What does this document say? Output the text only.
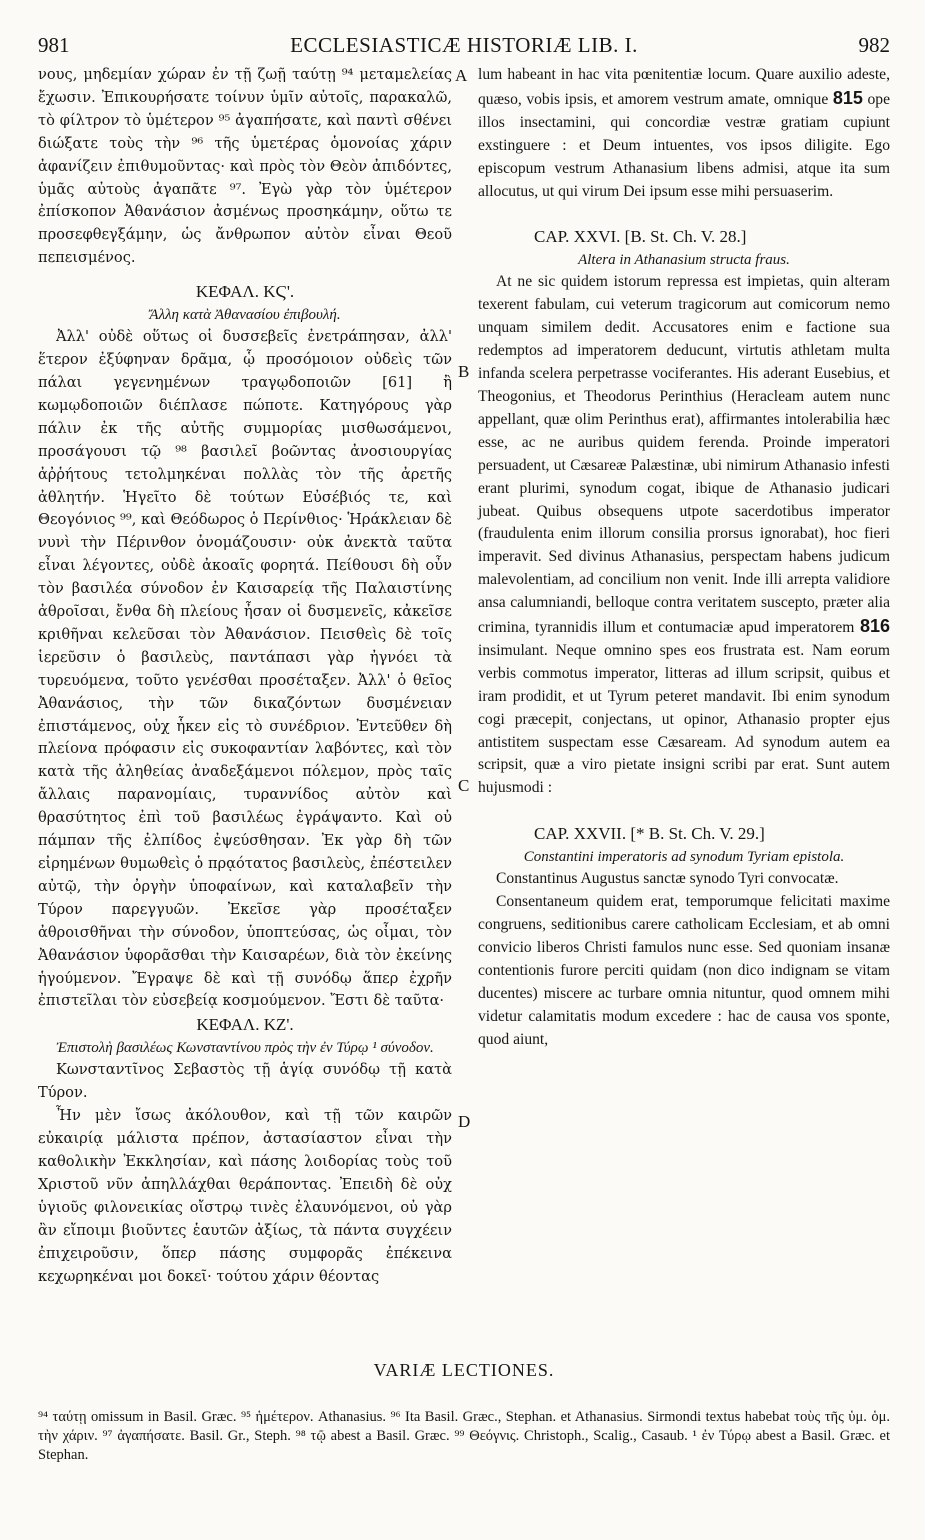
981	ECCLESIASTICÆ HISTORIÆ LIB. I.	982

νους, μηδεμίαν χώραν ἐν τῇ ζωῇ ταύτῃ ⁹⁴ μεταμελείας ἔχωσιν. Ἐπικουρήσατε τοίνυν ὑμῖν αὐτοῖς, παρακαλῶ, τὸ φίλτρον τὸ ὑμέτερον ⁹⁵ ἀγαπήσατε, καὶ παντὶ σθένει διώξατε τοὺς τὴν ⁹⁶ τῆς ὑμετέρας ὁμονοίας χάριν ἀφανίζειν ἐπιθυμοῦντας· καὶ πρὸς τὸν Θεὸν ἀπιδόντες, ὑμᾶς αὐτοὺς ἀγαπᾶτε ⁹⁷. Ἐγὼ γὰρ τὸν ὑμέτερον ἐπίσκοπον Ἀθανάσιον ἀσμένως προσηκάμην, οὕτω τε προσεφθεγξάμην, ὡς ἄνθρωπον αὐτὸν εἶναι Θεοῦ πεπεισμένος.

ΚΕΦΑΛ. ΚϚ'.
Ἄλλη κατὰ Ἀθανασίου ἐπιβουλή.

Ἀλλ' οὐδὲ οὕτως οἱ δυσσεβεῖς ἐνετράπησαν, ἀλλ' ἕτερον ἐξύφηναν δρᾶμα, ᾧ προσόμοιον οὐδεὶς τῶν πάλαι γεγενημένων τραγῳδοποιῶν [61] ἢ κωμῳδοποιῶν διέπλασε πώποτε. Κατηγόρους γὰρ πάλιν ἐκ τῆς αὐτῆς συμμορίας μισθωσάμενοι, προσάγουσι τῷ ⁹⁸ βασιλεῖ βοῶντας ἀνοσιουργίας ἀῤῥήτους τετολμηκέναι πολλὰς τὸν τῆς ἀρετῆς ἀθλητήν. Ἡγεῖτο δὲ τούτων Εὐσέβιός τε, καὶ Θεογόνιος ⁹⁹, καὶ Θεόδωρος ὁ Περίνθιος· Ἡράκλειαν δὲ νυνὶ τὴν Πέρινθον ὀνομάζουσιν· οὐκ ἀνεκτὰ ταῦτα εἶναι λέγοντες, οὐδὲ ἀκοαῖς φορητά. Πείθουσι δὴ οὖν τὸν βασιλέα σύνοδον ἐν Καισαρείᾳ τῆς Παλαιστίνης ἀθροῖσαι, ἔνθα δὴ πλείους ἦσαν οἱ δυσμενεῖς, κἀκεῖσε κριθῆναι κελεῦσαι τὸν Ἀθανάσιον. Πεισθεὶς δὲ τοῖς ἱερεῦσιν ὁ βασιλεὺς, παντάπασι γὰρ ἠγνόει τὰ τυρευόμενα, τοῦτο γενέσθαι προσέταξεν. Ἀλλ' ὁ θεῖος Ἀθανάσιος, τὴν τῶν δικαζόντων δυσμένειαν ἐπιστάμενος, οὐχ ἧκεν εἰς τὸ συνέδριον. Ἐντεῦθεν δὴ πλείονα πρόφασιν εἰς συκοφαντίαν λαβόντες, καὶ τὸν κατὰ τῆς ἀληθείας ἀναδεξάμενοι πόλεμον, πρὸς ταῖς ἄλλαις παρανομίαις, τυραννίδος αὐτὸν καὶ θρασύτητος ἐπὶ τοῦ βασιλέως ἐγράψαντο. Καὶ οὐ πάμπαν τῆς ἐλπίδος ἐψεύσθησαν. Ἐκ γὰρ δὴ τῶν εἰρημένων θυμωθεὶς ὁ πρᾳότατος βασιλεὺς, ἐπέστειλεν αὐτῷ, τὴν ὀργὴν ὑποφαίνων, καὶ καταλαβεῖν τὴν Τύρον παρεγγυῶν. Ἐκεῖσε γὰρ προσέταξεν ἀθροισθῆναι τὴν σύνοδον, ὑποπτεύσας, ὡς οἶμαι, τὸν Ἀθανάσιον ὑφορᾶσθαι τὴν Καισαρέων, διὰ τὸν ἐκείνης ἡγούμενον. Ἔγραψε δὲ καὶ τῇ συνόδῳ ἅπερ ἐχρῆν ἐπιστεῖλαι τὸν εὐσεβείᾳ κοσμούμενον. Ἔστι δὲ ταῦτα·

ΚΕΦΑΛ. ΚΖ'.
Ἐπιστολὴ βασιλέως Κωνσταντίνου πρὸς τὴν ἐν Τύρῳ ¹ σύνοδον.

Κωνσταντῖνος Σεβαστὸς τῇ ἁγίᾳ συνόδῳ τῇ κατὰ Τύρον.

Ἦν μὲν ἴσως ἀκόλουθον, καὶ τῇ τῶν καιρῶν εὐκαιρίᾳ μάλιστα πρέπον, ἀστασίαστον εἶναι τὴν καθολικὴν Ἐκκλησίαν, καὶ πάσης λοιδορίας τοὺς τοῦ Χριστοῦ νῦν ἀπηλλάχθαι θεράποντας. Ἐπειδὴ δὲ οὐχ ὑγιοῦς φιλονεικίας οἴστρῳ τινὲς ἐλαυνόμενοι, οὐ γὰρ ἂν εἴποιμι βιοῦντες ἑαυτῶν ἀξίως, τὰ πάντα συγχέειν ἐπιχειροῦσιν, ὅπερ πάσης συμφορᾶς ἐπέκεινα κεχωρηκέναι μοι δοκεῖ· τούτου χάριν θέοντας

lum habeant in hac vita pœnitentiæ locum. Quare auxilio adeste, quæso, vobis ipsis, et amorem vestrum amate, omnique 815 ope illos insectamini, qui concordiæ vestræ gratiam cupiunt exstinguere : et Deum intuentes, vos ipsos diligite. Ego episcopum vestrum Athanasium libens admisi, atque ita sum allocutus, ut qui virum Dei ipsum esse mihi persuaserim.

CAP. XXVI. [B. St. Ch. V. 28.]
Altera in Athanasium structa fraus.

At ne sic quidem istorum repressa est impietas, quin alteram texerent fabulam, cui veterum tragicorum aut comicorum nemo unquam similem dedit. Accusatores enim e factione sua redemptos ad imperatorem deducunt, virtutis athletam multa infanda scelera perpetrasse vociferantes. His aderant Eusebius, et Theogonius, et Theodorus Perinthius (Heracleam autem nunc appellant, quæ olim Perinthus erat), affirmantes intolerabilia hæc esse, ac ne auribus quidem ferenda. Proinde imperatori persuadent, ut Cæsareæ Palæstinæ, ubi nimirum Athanasio infesti erant plurimi, synodum cogat, ibique de Athanasio judicari jubeat. Quibus obsequens utpote sacerdotibus imperator (fraudulenta enim illorum consilia prorsus ignorabat), hoc fieri imperavit. Sed divinus Athanasius, perspectam habens judicum malevolentiam, ad concilium non venit. Inde illi arrepta validiore ansa calumniandi, belloque contra veritatem suscepto, præter alia crimina, tyrannidis illum et contumaciæ apud imperatorem 816 insimulant. Neque omnino spes eos frustrata est. Nam eorum verbis commotus imperator, litteras ad illum scripsit, quibus et iram prodidit, et ut Tyrum peteret mandavit. Ibi enim synodum cogi præcepit, conjectans, ut opinor, Athanasio propter ejus antistitem suspectam esse Cæsaream. Ad synodum autem ea scripsit, quæ a viro pietate insigni scribi par erat. Sunt autem hujusmodi :

CAP. XXVII. [* B. St. Ch. V. 29.]
Constantini imperatoris ad synodum Tyriam epistola.

Constantinus Augustus sanctæ synodo Tyri convocatæ.

Consentaneum quidem erat, temporumque felicitati maxime congruens, seditionibus carere catholicam Ecclesiam, et ab omni convicio liberos Christi famulos nunc esse. Sed quoniam insanæ contentionis furore perciti quidam (non dico indignam se vitam ducentes) miscere ac turbare omnia nituntur, quod omnem mihi videtur calamitatis modum excedere : hac de causa vos sponte, quod aiunt,

A
B
C
D
VARIÆ LECTIONES.
⁹⁴ ταύτῃ omissum in Basil. Græc. ⁹⁵ ἡμέτερον. Athanasius. ⁹⁶ Ita Basil. Græc., Stephan. et Athanasius. Sirmondi textus habebat τοὺς τῆς ὑμ. ὁμ. τὴν χάριν. ⁹⁷ ἀγαπήσατε. Basil. Gr., Steph. ⁹⁸ τῷ abest a Basil. Græc. ⁹⁹ Θεόγνις. Christoph., Scalig., Casaub. ¹ ἐν Τύρῳ abest a Basil. Græc. et Stephan.
